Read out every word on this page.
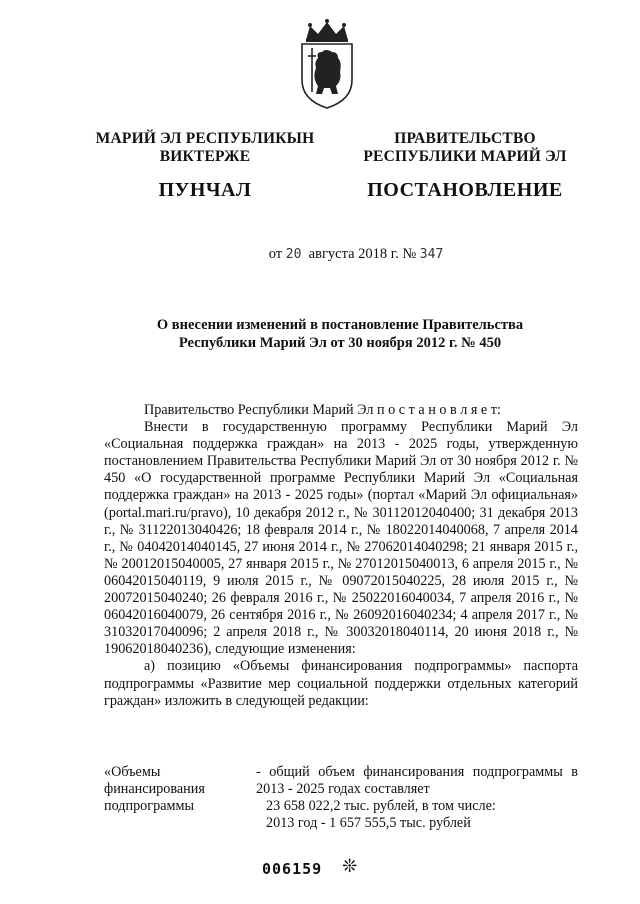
МАРИЙ ЭЛ РЕСПУБЛИКЫН
ВИКТЕРЖЕ
ПУНЧАЛ
ПРАВИТЕЛЬСТВО
РЕСПУБЛИКИ МАРИЙ ЭЛ
ПОСТАНОВЛЕНИЕ
от 20 августа 2018 г. № 347
О внесении изменений в постановление Правительства
Республики Марий Эл от 30 ноября 2012 г. № 450

Правительство Республики Марий Эл п о с т а н о в л я е т:

Внести в государственную программу Республики Марий Эл «Социальная поддержка граждан» на 2013 - 2025 годы, утвержденную постановлением Правительства Республики Марий Эл от 30 ноября 2012 г. № 450 «О государственной программе Республики Марий Эл «Социальная поддержка граждан» на 2013 - 2025 годы» (портал «Марий Эл официальная» (portal.mari.ru/pravo), 10 декабря 2012 г., № 30112012040400; 31 декабря 2013 г., № 31122013040426; 18 февраля 2014 г., № 18022014040068, 7 апреля 2014 г., № 04042014040145, 27 июня 2014 г., № 27062014040298; 21 января 2015 г., № 20012015040005, 27 января 2015 г., № 27012015040013, 6 апреля 2015 г., № 06042015040119, 9 июля 2015 г., № 09072015040225, 28 июля 2015 г., № 20072015040240; 26 февраля 2016 г., № 25022016040034, 7 апреля 2016 г., № 06042016040079, 26 сентября 2016 г., № 26092016040234; 4 апреля 2017 г., № 31032017040096; 2 апреля 2018 г., № 30032018040114, 20 июня 2018 г., № 19062018040236), следующие изменения:

а) позицию «Объемы финансирования подпрограммы» паспорта подпрограммы «Развитие мер социальной поддержки отдельных категорий граждан» изложить в следующей редакции:

«Объемы
финансирования
подпрограммы
- общий объем финансирования подпрограммы в 2013 - 2025 годах составляет
23 658 022,2 тыс. рублей, в том числе:
2013 год - 1 657 555,5 тыс. рублей
006159 ❊
